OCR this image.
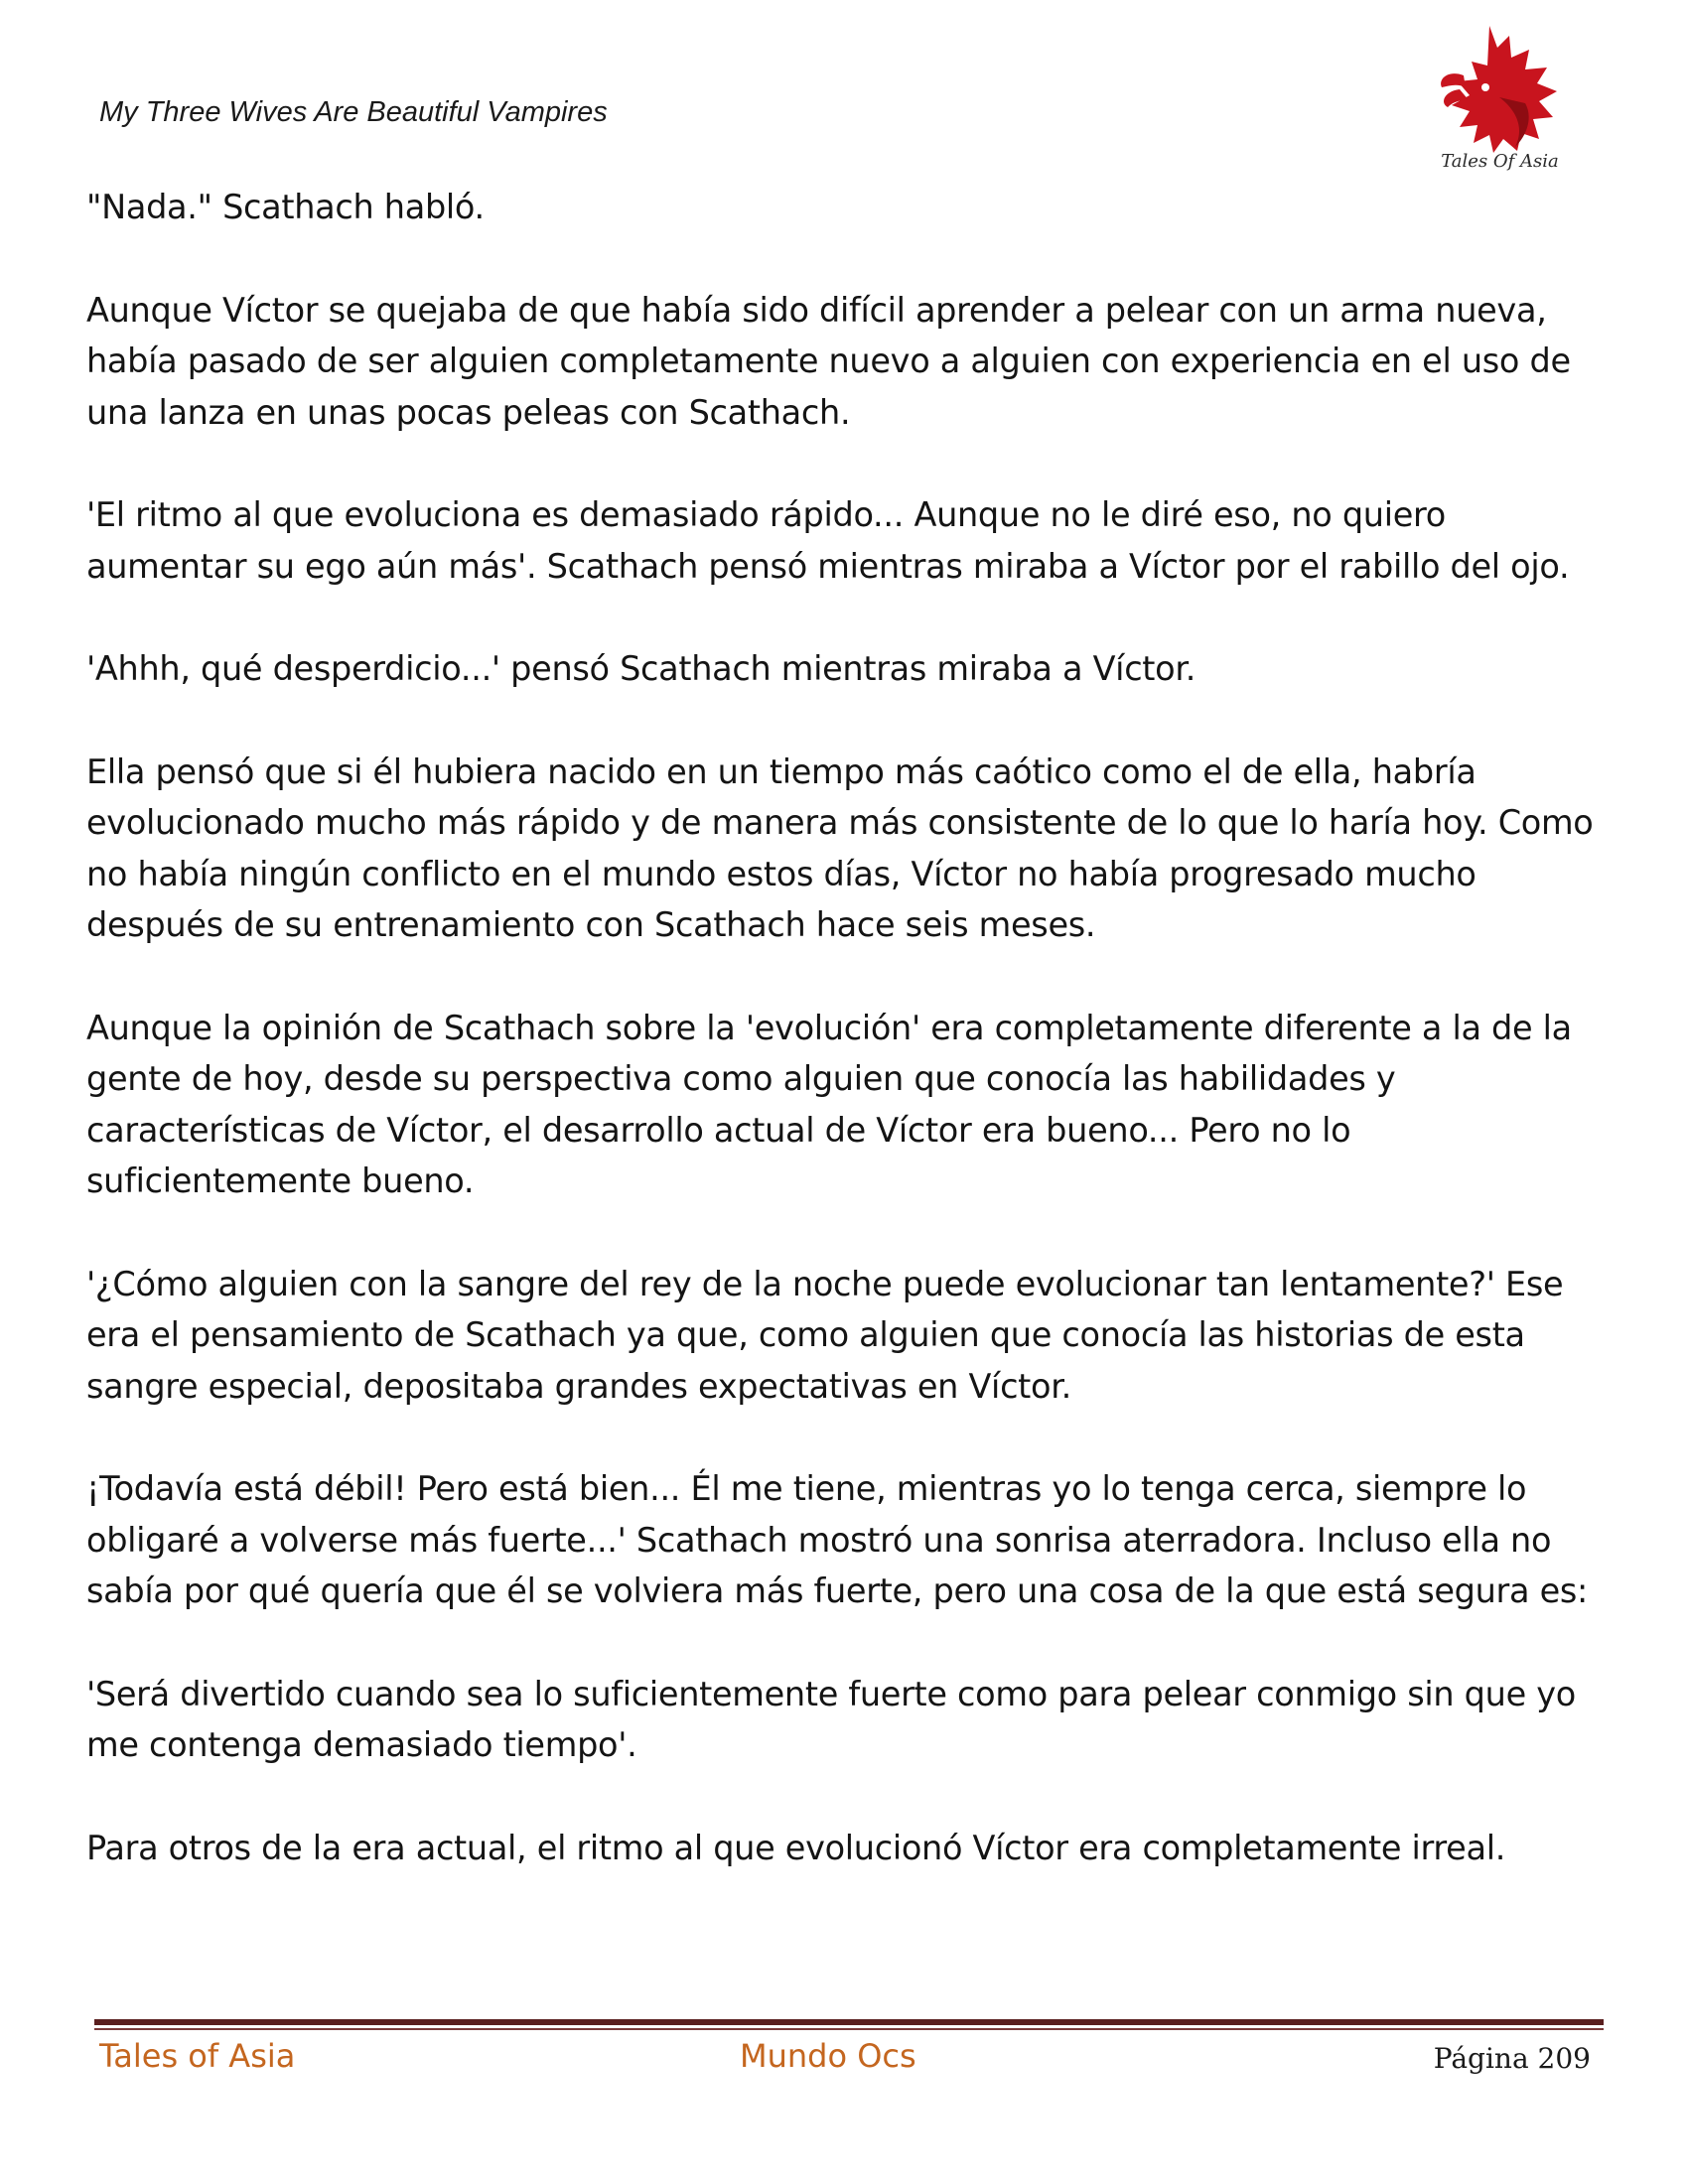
My Three Wives Are Beautiful Vampires
Tales Of Asia

"Nada." Scathach habló.

Aunque Víctor se quejaba de que había sido difícil aprender a pelear con un arma nueva, había pasado de ser alguien completamente nuevo a alguien con experiencia en el uso de una lanza en unas pocas peleas con Scathach.

'El ritmo al que evoluciona es demasiado rápido... Aunque no le diré eso, no quiero aumentar su ego aún más'. Scathach pensó mientras miraba a Víctor por el rabillo del ojo.

'Ahhh, qué desperdicio...' pensó Scathach mientras miraba a Víctor.

Ella pensó que si él hubiera nacido en un tiempo más caótico como el de ella, habría evolucionado mucho más rápido y de manera más consistente de lo que lo haría hoy. Como no había ningún conflicto en el mundo estos días, Víctor no había progresado mucho después de su entrenamiento con Scathach hace seis meses.

Aunque la opinión de Scathach sobre la 'evolución' era completamente diferente a la de la gente de hoy, desde su perspectiva como alguien que conocía las habilidades y características de Víctor, el desarrollo actual de Víctor era bueno... Pero no lo suficientemente bueno.

'¿Cómo alguien con la sangre del rey de la noche puede evolucionar tan lentamente?' Ese era el pensamiento de Scathach ya que, como alguien que conocía las historias de esta sangre especial, depositaba grandes expectativas en Víctor.

¡Todavía está débil! Pero está bien... Él me tiene, mientras yo lo tenga cerca, siempre lo obligaré a volverse más fuerte...' Scathach mostró una sonrisa aterradora. Incluso ella no sabía por qué quería que él se volviera más fuerte, pero una cosa de la que está segura es:

'Será divertido cuando sea lo suficientemente fuerte como para pelear conmigo sin que yo me contenga demasiado tiempo'.

Para otros de la era actual, el ritmo al que evolucionó Víctor era completamente irreal.

Tales of Asia	Mundo Ocs	Página 209
